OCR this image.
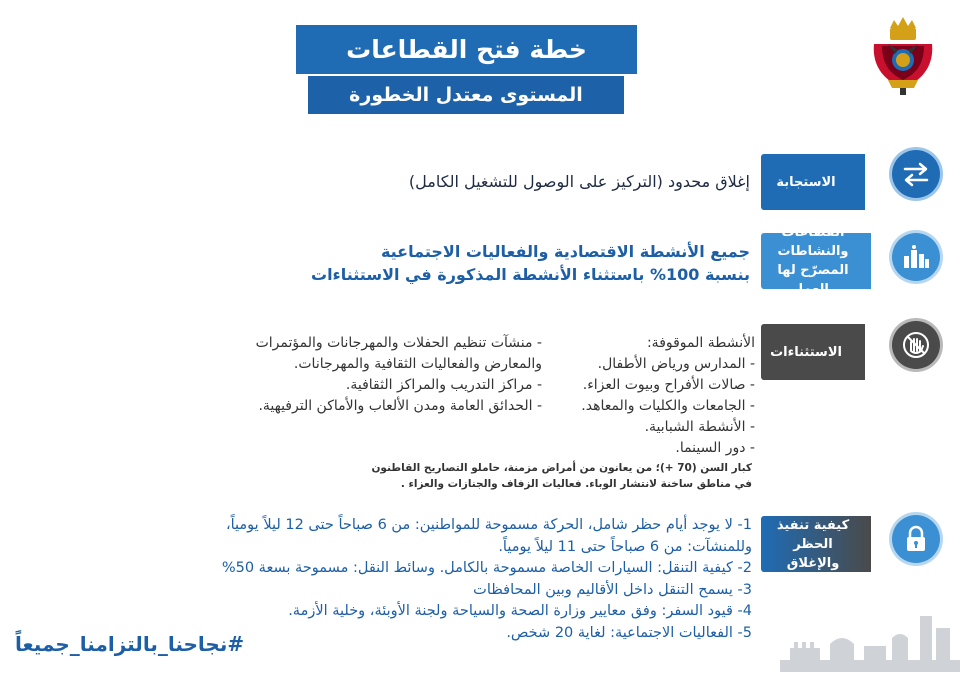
خطة فتح القطاعات
المستوى معتدل الخطورة
الاستجابة
إغلاق محدود (التركيز على الوصول للتشغيل الكامل)
القطاعات والنشاطات المصرّح لها بالعمل
جميع الأنشطة الاقتصادية والفعاليات الاجتماعية
بنسبة 100% باستثناء الأنشطة المذكورة في الاستثناءات
الاستثناءات
الأنشطة الموقوفة:
- المدارس ورياض الأطفال.
- صالات الأفراح وبيوت العزاء.
- الجامعات والكليات والمعاهد.
- الأنشطة الشبابية.
- دور السينما.
- منشآت تنظيم الحفلات والمهرجانات والمؤتمرات
والمعارض والفعاليات الثقافية والمهرجانات.
- مراكز التدريب والمراكز الثقافية.
- الحدائق العامة ومدن الألعاب والأماكن الترفيهية.
كبار السن (70 +)؛ من يعانون من أمراض مزمنة، حاملو التصاريح القاطنون
في مناطق ساخنة لانتشار الوباء. فعاليات الزفاف والجنازات والعزاء .
كيفية تنفيذ الحظر والإغلاق
1- لا يوجد أيام حظر شامل، الحركة مسموحة للمواطنين: من 6 صباحاً حتى 12 ليلاً يومياً،
وللمنشآت: من 6 صباحاً حتى 11 ليلاً يومياً.
2- كيفية التنقل: السيارات الخاصة مسموحة بالكامل. وسائط النقل: مسموحة بسعة 50%
3- يسمح التنقل داخل الأقاليم وبين المحافظات
4- قيود السفر: وفق معايير وزارة الصحة والسياحة ولجنة الأوبئة، وخلية الأزمة.
5- الفعاليات الاجتماعية: لغاية 20 شخص.
#نجاحنا_بالتزامنا_جميعاً
